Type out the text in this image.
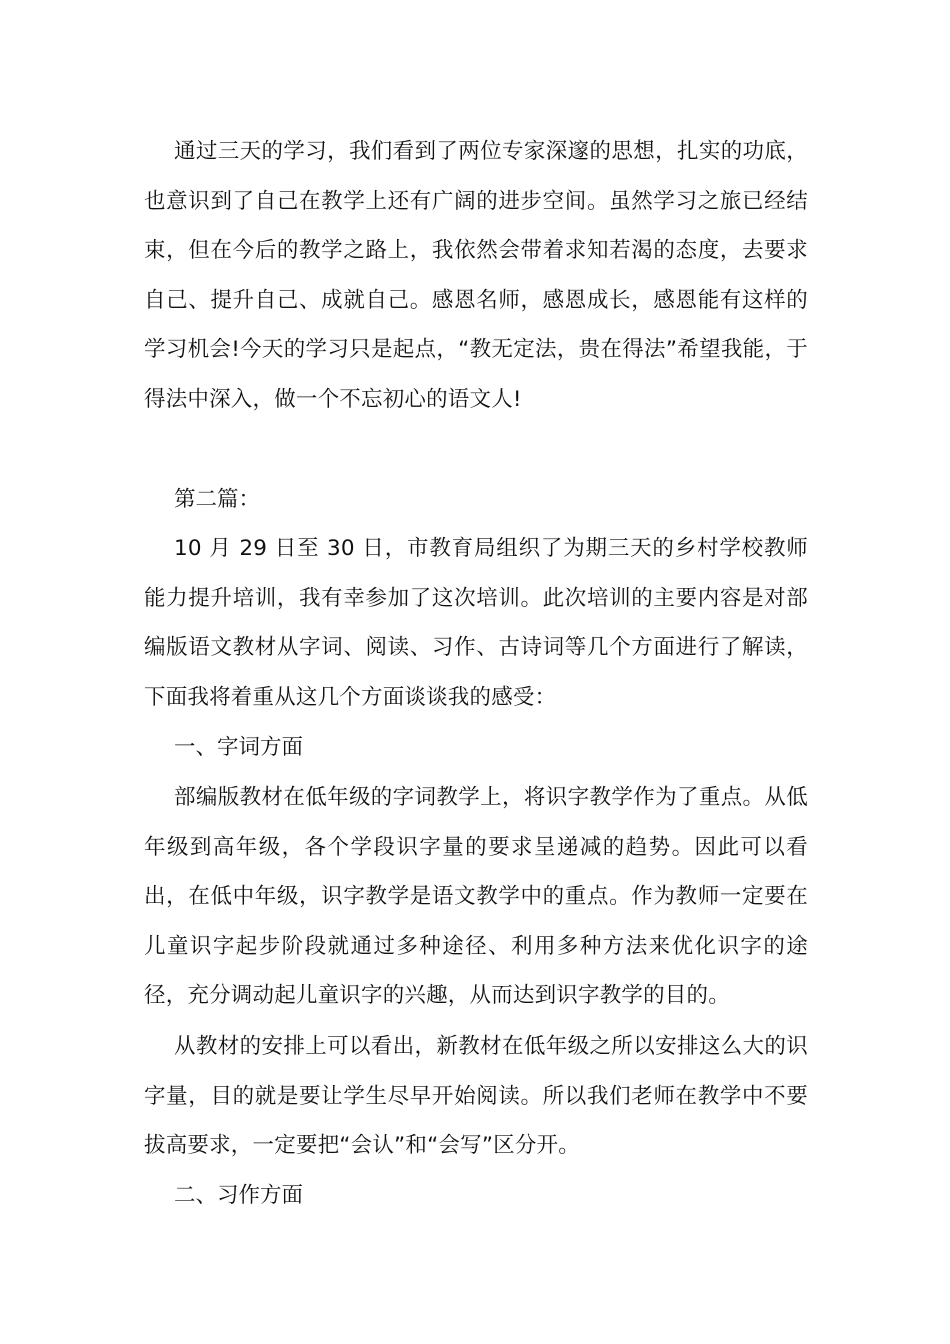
通过三天的学习，我们看到了两位专家深邃的思想，扎实的功底，也意识到了自己在教学上还有广阔的进步空间。虽然学习之旅已经结束，但在今后的教学之路上，我依然会带着求知若渴的态度，去要求自己、提升自己、成就自己。感恩名师，感恩成长，感恩能有这样的学习机会!今天的学习只是起点，“教无定法，贵在得法”希望我能，于得法中深入，做一个不忘初心的语文人!

第二篇：

10 月 29 日至 30 日，市教育局组织了为期三天的乡村学校教师能力提升培训，我有幸参加了这次培训。此次培训的主要内容是对部编版语文教材从字词、阅读、习作、古诗词等几个方面进行了解读，下面我将着重从这几个方面谈谈我的感受：

一、字词方面

部编版教材在低年级的字词教学上，将识字教学作为了重点。从低年级到高年级，各个学段识字量的要求呈递减的趋势。因此可以看出，在低中年级，识字教学是语文教学中的重点。作为教师一定要在儿童识字起步阶段就通过多种途径、利用多种方法来优化识字的途径，充分调动起儿童识字的兴趣，从而达到识字教学的目的。

从教材的安排上可以看出，新教材在低年级之所以安排这么大的识字量，目的就是要让学生尽早开始阅读。所以我们老师在教学中不要拔高要求，一定要把“会认”和“会写”区分开。

二、习作方面
